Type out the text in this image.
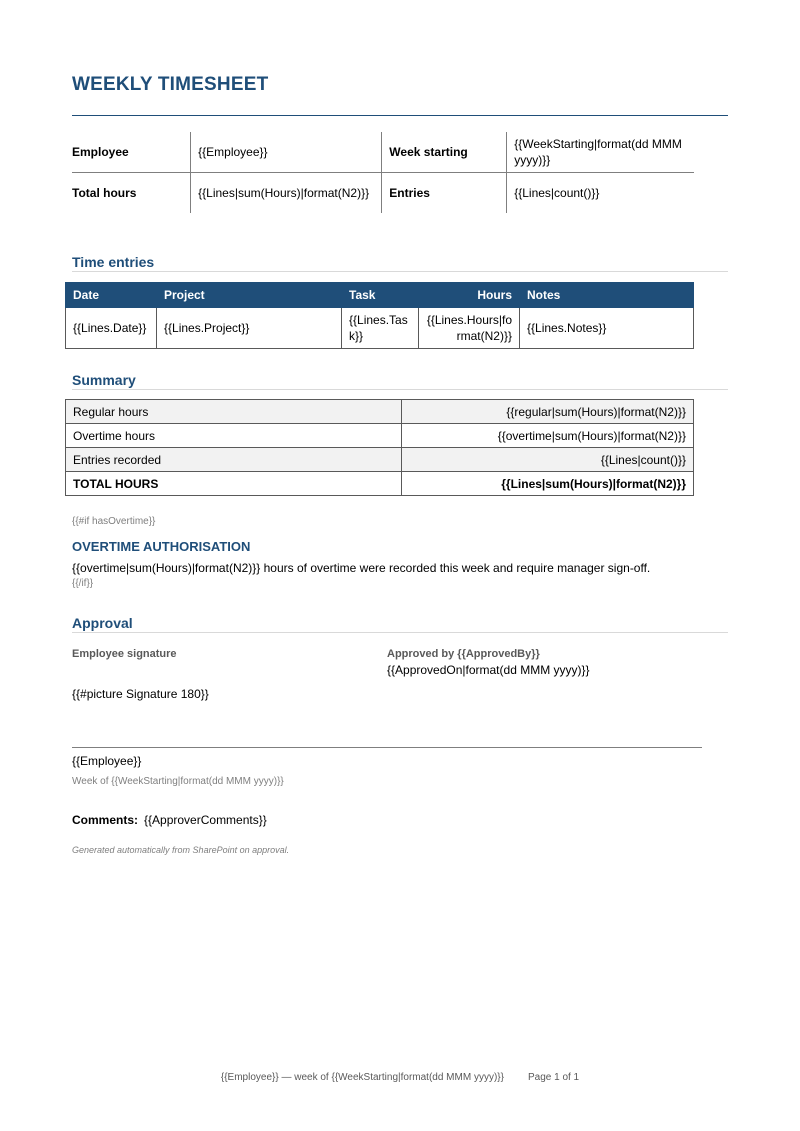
WEEKLY TIMESHEET
Employee	{{Employee}}	Week starting	{{WeekStarting|format(dd MMM yyyy)}}
Total hours	{{Lines|sum(Hours)|format(N2)}}	Entries	{{Lines|count()}}
Time entries
Date	Project	Task	Hours	Notes
{{Lines.Date}}	{{Lines.Project}}	{{Lines.Task}}	{{Lines.Hours|format(N2)}}	{{Lines.Notes}}
Summary
Regular hours	{{regular|sum(Hours)|format(N2)}}
Overtime hours	{{overtime|sum(Hours)|format(N2)}}
Entries recorded	{{Lines|count()}}
TOTAL HOURS	{{Lines|sum(Hours)|format(N2)}}
{{#if hasOvertime}}
OVERTIME AUTHORISATION
{{overtime|sum(Hours)|format(N2)}} hours of overtime were recorded this week and require manager sign-off.
{{/if}}
Approval
Employee signature	Approved by {{ApprovedBy}}
{{ApprovedOn|format(dd MMM yyyy)}}
{{#picture Signature 180}}
{{Employee}}
Week of {{WeekStarting|format(dd MMM yyyy)}}
Comments: {{ApproverComments}}
Generated automatically from SharePoint on approval.
{{Employee}} — week of {{WeekStarting|format(dd MMM yyyy)}} Page 1 of 1
